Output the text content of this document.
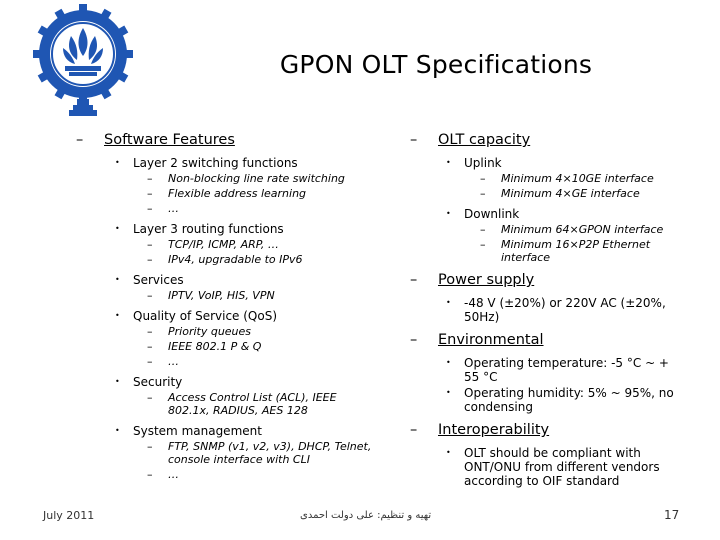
GPON OLT Specifications
–	Software Features
•	Layer 2 switching functions
–	Non-blocking line rate switching
–	Flexible address learning
–	…
•	Layer 3 routing functions
–	TCP/IP, ICMP, ARP, …
–	IPv4, upgradable to IPv6
•	Services
–	IPTV, VoIP, HIS, VPN
•	Quality of Service (QoS)
–	Priority queues
–	IEEE 802.1 P & Q
–	…
•	Security
–	Access Control List (ACL), IEEE 802.1x, RADIUS, AES 128
•	System management
–	FTP, SNMP (v1, v2, v3), DHCP, Telnet, console interface with CLI
–	…
–	OLT capacity
•	Uplink
–	Minimum 4×10GE interface
–	Minimum 4×GE interface
•	Downlink
–	Minimum 64×GPON interface
–	Minimum 16×P2P Ethernet interface
–	Power supply
•	-48 V (±20%) or 220V AC (±20%, 50Hz)
–	Environmental
•	Operating temperature: -5 °C ~ + 55 °C
•	Operating humidity: 5% ~ 95%, no condensing
–	Interoperability
•	OLT should be compliant with ONT/ONU from different vendors according to OIF standard
July 2011	تهیه و تنظیم: علی دولت احمدی	17
